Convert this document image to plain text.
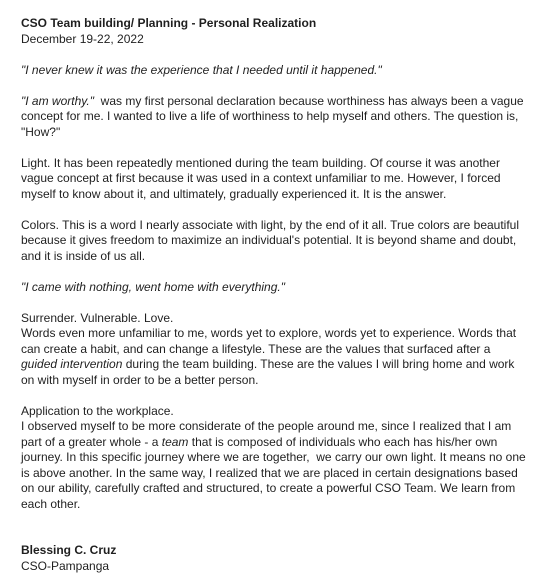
CSO Team building/ Planning - Personal Realization

December 19-22, 2022

"I never knew it was the experience that I needed until it happened."

"I am worthy."  was my first personal declaration because worthiness has always been a vague concept for me. I wanted to live a life of worthiness to help myself and others. The question is, "How?"

Light. It has been repeatedly mentioned during the team building. Of course it was another vague concept at first because it was used in a context unfamiliar to me. However, I forced myself to know about it, and ultimately, gradually experienced it. It is the answer.

Colors. This is a word I nearly associate with light, by the end of it all. True colors are beautiful because it gives freedom to maximize an individual's potential. It is beyond shame and doubt, and it is inside of us all.

"I came with nothing, went home with everything."

Surrender. Vulnerable. Love.

Words even more unfamiliar to me, words yet to explore, words yet to experience. Words that can create a habit, and can change a lifestyle. These are the values that surfaced after a guided intervention during the team building. These are the values I will bring home and work on with myself in order to be a better person.

Application to the workplace.

I observed myself to be more considerate of the people around me, since I realized that I am part of a greater whole - a team that is composed of individuals who each has his/her own journey. In this specific journey where we are together,  we carry our own light. It means no one is above another. In the same way, I realized that we are placed in certain designations based on our ability, carefully crafted and structured, to create a powerful CSO Team. We learn from each other.

Blessing C. Cruz

CSO-Pampanga
